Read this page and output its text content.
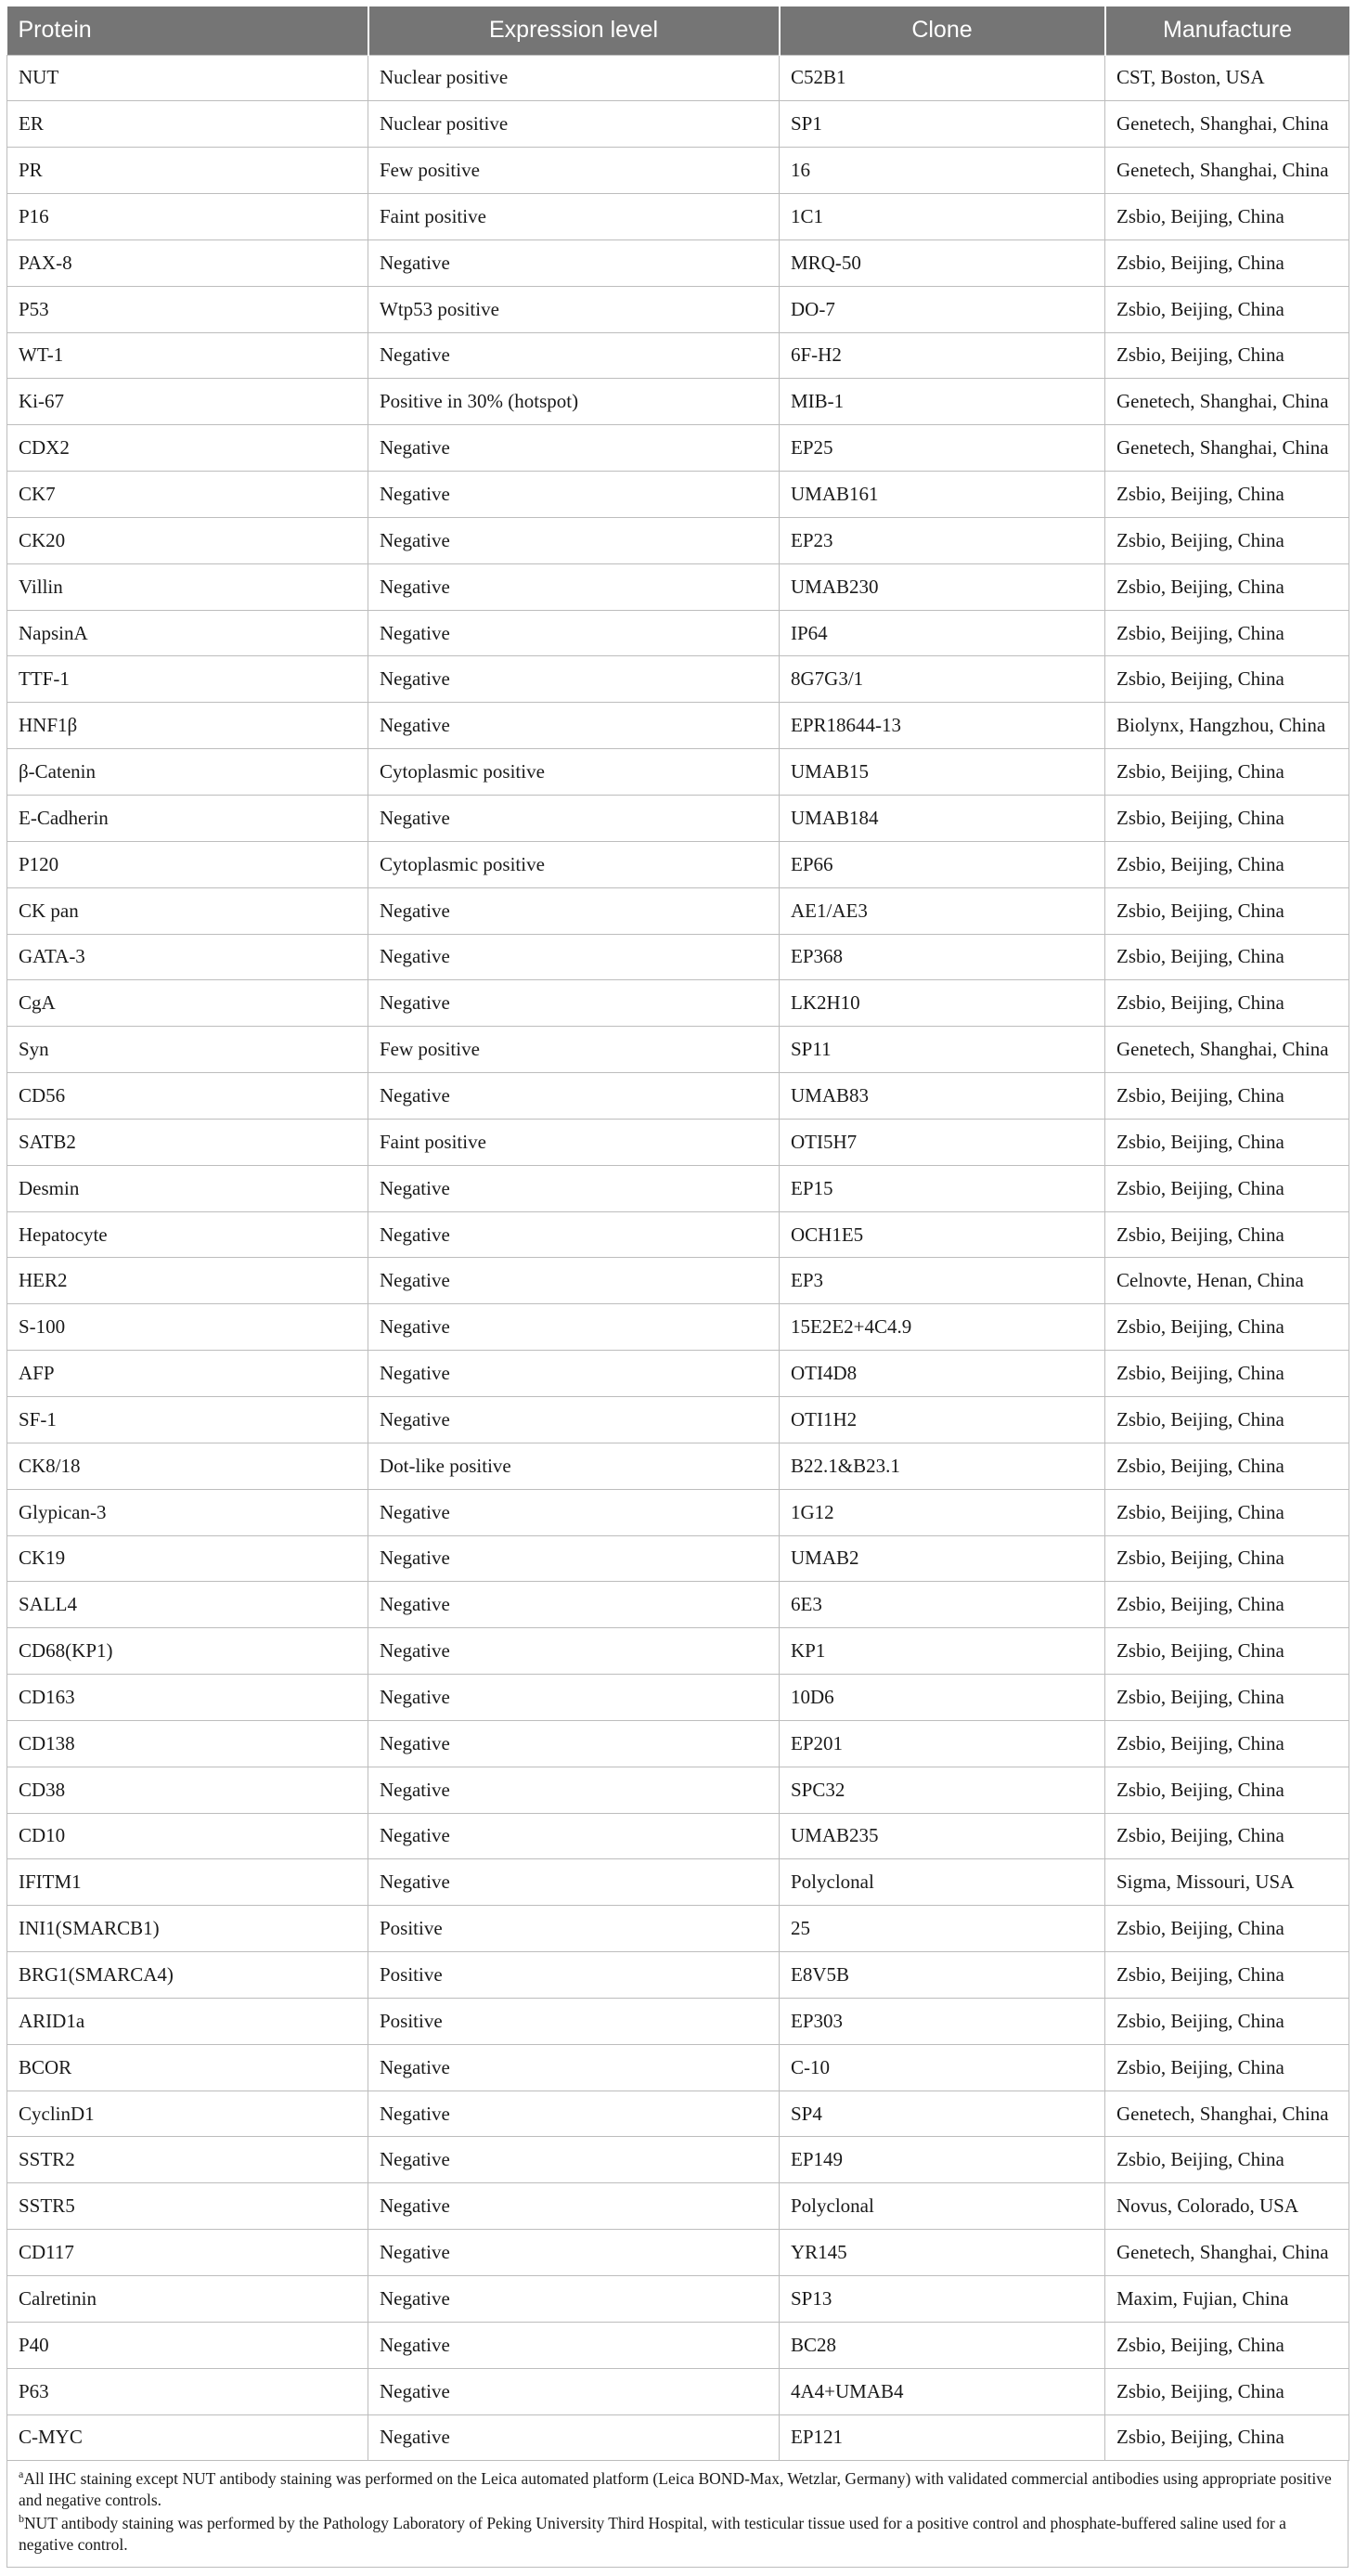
Protein	Expression level	Clone	Manufacture
NUT	Nuclear positive	C52B1	CST, Boston, USA
ER	Nuclear positive	SP1	Genetech, Shanghai, China
PR	Few positive	16	Genetech, Shanghai, China
P16	Faint positive	1C1	Zsbio, Beijing, China
PAX-8	Negative	MRQ-50	Zsbio, Beijing, China
P53	Wtp53 positive	DO-7	Zsbio, Beijing, China
WT-1	Negative	6F-H2	Zsbio, Beijing, China
Ki-67	Positive in 30% (hotspot)	MIB-1	Genetech, Shanghai, China
CDX2	Negative	EP25	Genetech, Shanghai, China
CK7	Negative	UMAB161	Zsbio, Beijing, China
CK20	Negative	EP23	Zsbio, Beijing, China
Villin	Negative	UMAB230	Zsbio, Beijing, China
NapsinA	Negative	IP64	Zsbio, Beijing, China
TTF-1	Negative	8G7G3/1	Zsbio, Beijing, China
HNF1β	Negative	EPR18644-13	Biolynx, Hangzhou, China
β-Catenin	Cytoplasmic positive	UMAB15	Zsbio, Beijing, China
E-Cadherin	Negative	UMAB184	Zsbio, Beijing, China
P120	Cytoplasmic positive	EP66	Zsbio, Beijing, China
CK pan	Negative	AE1/AE3	Zsbio, Beijing, China
GATA-3	Negative	EP368	Zsbio, Beijing, China
CgA	Negative	LK2H10	Zsbio, Beijing, China
Syn	Few positive	SP11	Genetech, Shanghai, China
CD56	Negative	UMAB83	Zsbio, Beijing, China
SATB2	Faint positive	OTI5H7	Zsbio, Beijing, China
Desmin	Negative	EP15	Zsbio, Beijing, China
Hepatocyte	Negative	OCH1E5	Zsbio, Beijing, China
HER2	Negative	EP3	Celnovte, Henan, China
S-100	Negative	15E2E2+4C4.9	Zsbio, Beijing, China
AFP	Negative	OTI4D8	Zsbio, Beijing, China
SF-1	Negative	OTI1H2	Zsbio, Beijing, China
CK8/18	Dot-like positive	B22.1&B23.1	Zsbio, Beijing, China
Glypican-3	Negative	1G12	Zsbio, Beijing, China
CK19	Negative	UMAB2	Zsbio, Beijing, China
SALL4	Negative	6E3	Zsbio, Beijing, China
CD68(KP1)	Negative	KP1	Zsbio, Beijing, China
CD163	Negative	10D6	Zsbio, Beijing, China
CD138	Negative	EP201	Zsbio, Beijing, China
CD38	Negative	SPC32	Zsbio, Beijing, China
CD10	Negative	UMAB235	Zsbio, Beijing, China
IFITM1	Negative	Polyclonal	Sigma, Missouri, USA
INI1(SMARCB1)	Positive	25	Zsbio, Beijing, China
BRG1(SMARCA4)	Positive	E8V5B	Zsbio, Beijing, China
ARID1a	Positive	EP303	Zsbio, Beijing, China
BCOR	Negative	C-10	Zsbio, Beijing, China
CyclinD1	Negative	SP4	Genetech, Shanghai, China
SSTR2	Negative	EP149	Zsbio, Beijing, China
SSTR5	Negative	Polyclonal	Novus, Colorado, USA
CD117	Negative	YR145	Genetech, Shanghai, China
Calretinin	Negative	SP13	Maxim, Fujian, China
P40	Negative	BC28	Zsbio, Beijing, China
P63	Negative	4A4+UMAB4	Zsbio, Beijing, China
C-MYC	Negative	EP121	Zsbio, Beijing, China

$^a$All IHC staining except NUT antibody staining was performed on the Leica automated platform (Leica BOND-Max, Wetzlar, Germany) with validated commercial antibodies using appropriate positive and negative controls.

$^b$NUT antibody staining was performed by the Pathology Laboratory of Peking University Third Hospital, with testicular tissue used for a positive control and phosphate-buffered saline used for a negative control.
